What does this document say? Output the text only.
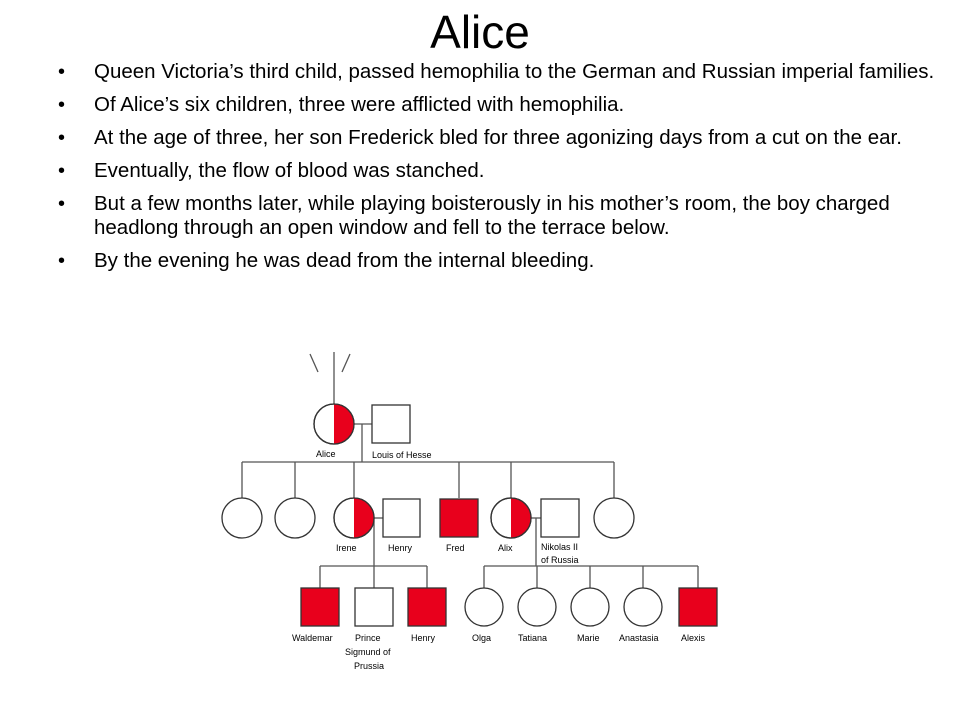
Alice
• Queen Victoria’s third child, passed hemophilia to the German and Russian imperial families.
• Of Alice’s six children, three were afflicted with hemophilia.
• At the age of three, her son Frederick bled for three agonizing days from a cut on the ear.
• Eventually, the flow of blood was stanched.
• But a few months later, while playing boisterously in his mother’s room, the boy charged headlong through an open window and fell to the terrace below.
• By the evening he was dead from the internal bleeding.
Alice	Louis of Hesse
Irene	Henry	Fred	Alix	Nikolas II
of Russia
Waldemar Prince
Sigmund of
Prussia
Henry	Olga	Tatiana	Marie Anastasia Alexis
